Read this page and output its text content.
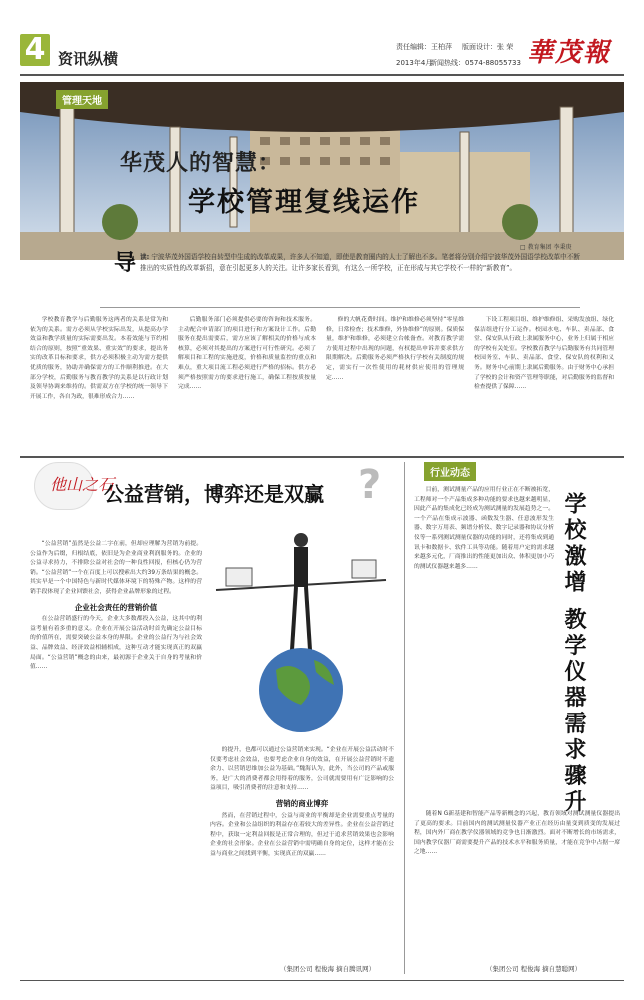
4 资讯纵横
责任编辑：王柏萍 版面设计：张 荣
2013年4月
新闻热线：0574-88055733 華茂報
管理天地
华茂人的智慧：
学校管理复线运作
□ 教育集团 李秉庚
导 读: 宁波华茂外国语学校自转型中生成的改革成果，许多人不知道，即使是教育圈内的人士了解也不多。笔者将分别介绍宁波华茂外国语学校改革中不断推出的实质性的改革新招，意在引起更多人的关注。让许多家长看到，有这么一所学校，正在形成与其它学校不一样的“新教育”。

学校教育教学与后勤服务这两者的关系是常为和依为的关系。需方必须从学校实际出发，从提高办学效益和教学质量的实际需要出发。本着效能与节约相结合的原则，按照“重效果、重实效”的要求，提出务实的改革目标和要求，供方必须积极主动为需方提供优质的服务，协助并确保需方的工作顺利推进。在大部分学校，后勤服务与教育教学的关系是以行政计划及领导协调来维持的。供需双方在学校的统一领导下开展工作，各自为政，很难形成合力……

后勤服务部门必须提供必要的咨询和技术服务。主动配合申请部门的项目进行和方案设计工作。后勤服务在提出需要后，需方应该了解相关的价格与成本核算，必须对其提出的方案进行可行性研究。必须了解项目和工程的实施进度，价格和质量监控的重点和难点，重大项目流工程必须进行严格的招标。供方必须严格按照需方的要求进行施工，确保工程按质按量完成……

修的大帆花费时间。维护和维修必须坚持“零星维修，日常检查；技术维修，外协维修”的原则。保质保量，维护和维修，必须建立台帐备查。对教育教学需方使用过程中出现的问题，有权提出申诉并要求供方限期解决。后勤服务必须严格执行学校有关制度的规定，需实行一次性使用的耗材供应使用的管理规定……

下设工程项目组、维护维修组、采购发放组、绿化保洁组进行分工运作。校园水电、车队、卖品部、食堂、保安队从行政上隶属服务中心，业务上归属于相应的学校有关处室。学校教育教学与后勤服务有共同管理校园务室、车队、卖品部、食堂、保安队的权利和义务。财务中心前期上隶属后勤服务。由于财务中心承担了学校的会计和资产管理等职能，对后勤服务的监督和检查提供了保障……

他山之石
公益营销，博弈还是双赢 ?

“公益营销”虽然是公益二字在前，但却应理解为营销为前提。公益作为后缀，归根结底，依旧是为企业商业利润服务的。企业的公益寻求持力，不排除公益对社会的一种良性回报，但核心仍为营销。“公益营销”一个在百度上可以搜索出大约39万条结果的概念。其实早是一个中国特色与新时代媒体环境下的特殊产物。这样的营销手段体现了企业回馈社会，获得企业品牌形象的过程。

企业社会责任的营销价值

在公益营销盛行的今天，企业大多数都投入公益，这其中的利益考量有着多重的意义。企业在开展公益活动时首先确定公益目标的价值所在，需要突破公益本身的界限。企业的公益行为与社会效益、品牌效益、经济效益相辅相成，这种互动才能实现真正的双赢局面。“公益营销”概念的由来，最初源于企业关于自身的考量和价值……

的提升，也都可以通过公益营销来实现。“企业在开展公益活动时不仅要考虑社会效益，也要考虑企业自身的效益，在开展公益营销时不遗余力、以营销思维加公益为基础。”魏海认为，此外，当公司的产品或服务，是广大的消费者都会用得着的服务，公司就需要用有广泛影响的公益项目，吸引消费者的注意和支持……

营销的商业博弈

然而，在营销过程中，公益与商业的平衡却是企业需要重点考量的内容。企业和公益组织的利益存在着较大的差异性。企业在公益营销过程中，获取一定利益回报是正常合理的，但过于追求营销效果也会影响企业的社会形象。企业在公益营销中需明确自身的定位，这样才能在公益与商业之间找到平衡，实现真正的双赢……

（集团公司 程俊海 摘自腾讯网）
行业动态
学校激增 教学仪器需求骤升

目前，测试测量产品的应用行业正在不断被拓宽，工程师对一个产品集成多种功能的要求也越来越明显，因此产品的集成化已经成为测试测量的发展趋势之一。一个产品在集成示波器、函数发生器、任意波形发生器、数字万用表、频谱分析仪、数字记录器和协议分析仪等一系列测试测量仪器的功能的同时，还将集成到通讯卡和数据卡、软件工具等功能。随着用户定的需求越来越多元化，厂商推出的性能更加出众、体积更加小巧的测试仪器越来越多……

随着N G新基建和智能产品等新概念的兴起，教育领域对测试测量仪器提出了更高的要求。目前国内的测试测量仪器产业正在经历由量变到质变的发展过程，国内外厂商在教学仪器领域的竞争也日渐激烈。面对不断增长的市场需求，国内教学仪器厂商需要提升产品的技术水平和服务质量，才能在竞争中占据一席之地……

（集团公司 程俊海 摘自慧聪网）
